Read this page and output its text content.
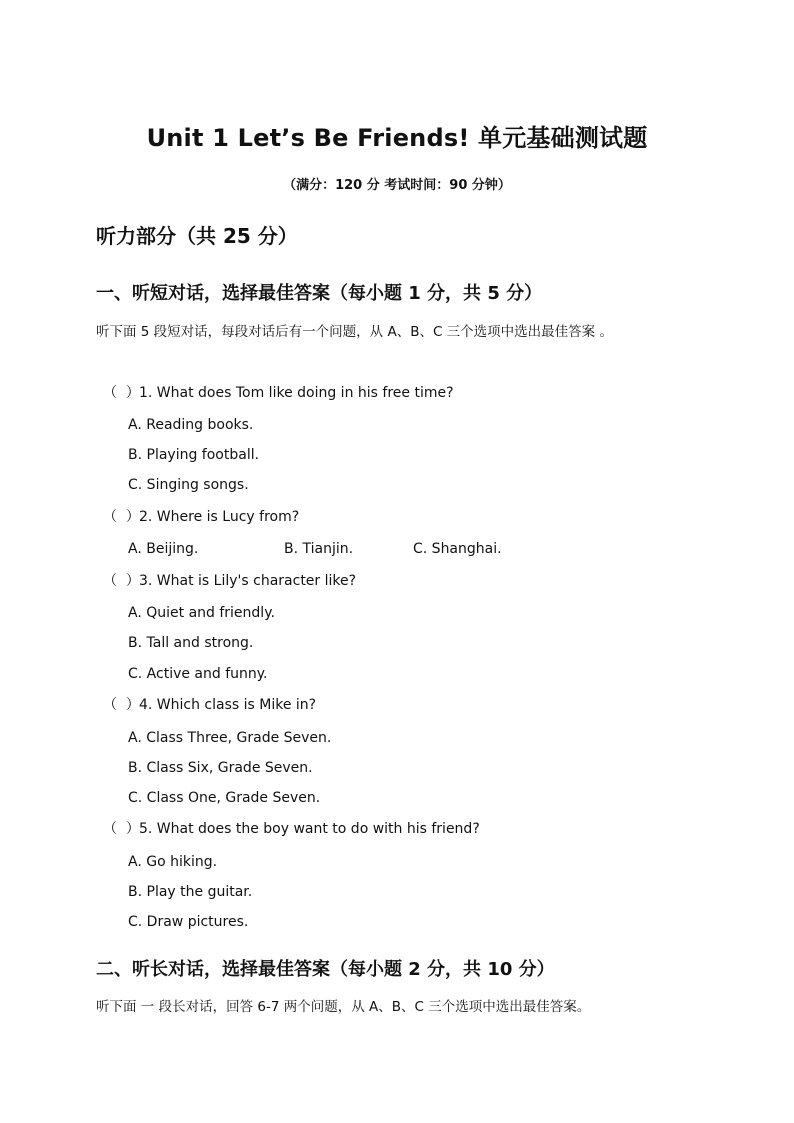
Unit 1 Let’s Be Friends! 单元基础测试题
（满分：120 分 考试时间：90 分钟）
听力部分（共 25 分）
一、听短对话，选择最佳答案（每小题 1 分，共 5 分）
听下面 5 段短对话，每段对话后有一个问题，从 A、B、C 三个选项中选出最佳答案 。
（  ）1. What does Tom like doing in his free time?
A. Reading books.
B. Playing football.
C. Singing songs.
（  ）2. Where is Lucy from?
A. Beijing.	B. Tianjin.	C. Shanghai.
（  ）3. What is Lily's character like?
A. Quiet and friendly.
B. Tall and strong.
C. Active and funny.
（  ）4. Which class is Mike in?
A. Class Three, Grade Seven.
B. Class Six, Grade Seven.
C. Class One, Grade Seven.
（  ）5. What does the boy want to do with his friend?
A. Go hiking.
B. Play the guitar.
C. Draw pictures.
二、听长对话，选择最佳答案（每小题 2 分，共 10 分）
听下面 一 段长对话，回答 6-7 两个问题，从 A、B、C 三个选项中选出最佳答案。
